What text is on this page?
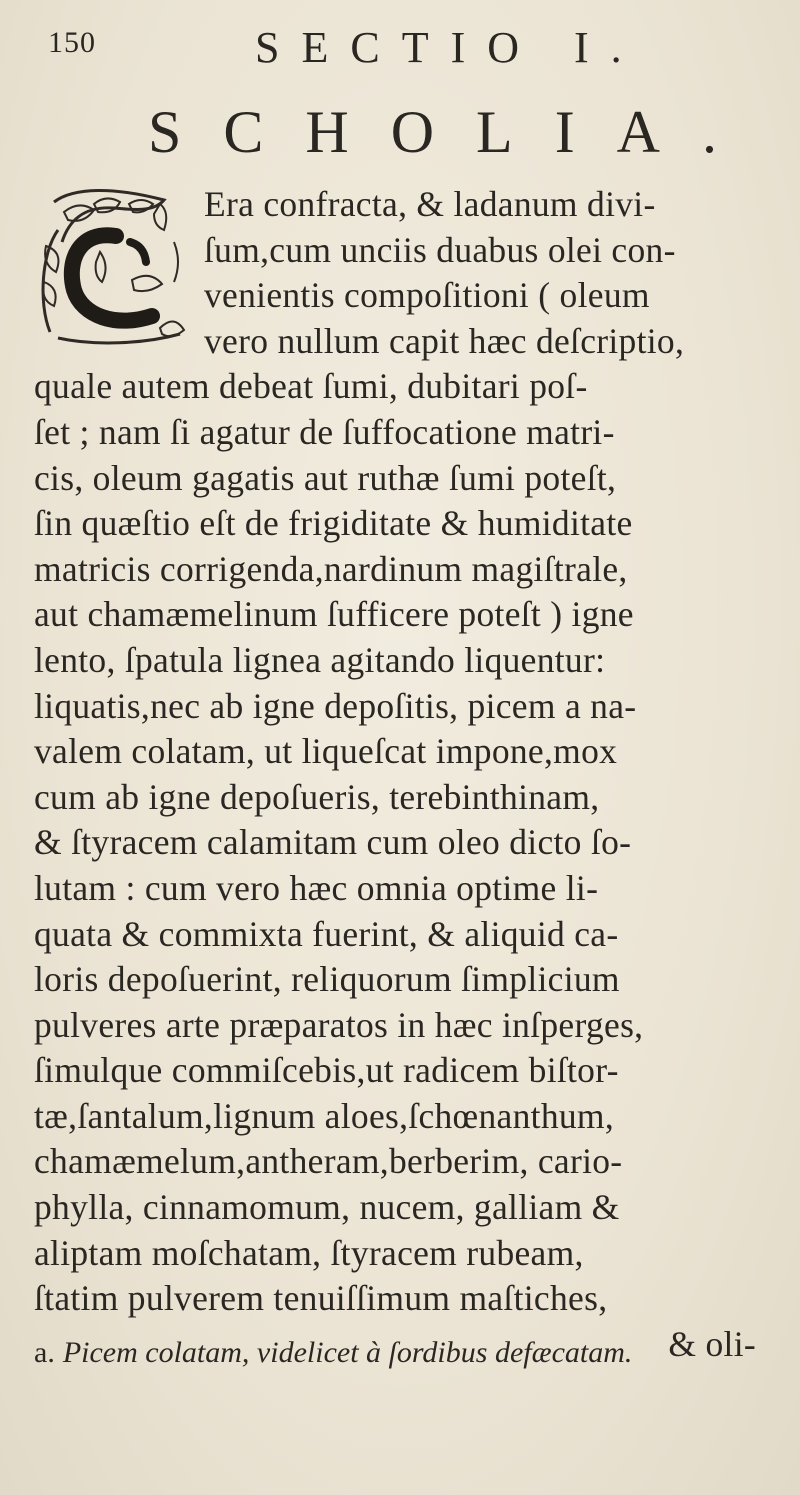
150	SECTIO I.
SCHOLIA.
Era confracta, & ladanum divi-
ſum,cum unciis duabus olei con-
venientis compoſitioni ( oleum
vero nullum capit hæc deſcriptio,
quale autem debeat ſumi, dubitari poſ-
ſet ; nam ſi agatur de ſuffocatione matri-
cis, oleum gagatis aut ruthæ ſumi poteſt,
ſin quæſtio eſt de frigiditate & humiditate
matricis corrigenda,nardinum magiſtrale,
aut chamæmelinum ſufficere poteſt ) igne
lento, ſpatula lignea agitando liquentur:
liquatis,nec ab igne depoſitis, picem a na-
valem colatam, ut liqueſcat impone,mox
cum ab igne depoſueris, terebinthinam,
& ſtyracem calamitam cum oleo dicto ſo-
lutam : cum vero hæc omnia optime li-
quata & commixta fuerint, & aliquid ca-
loris depoſuerint, reliquorum ſimplicium
pulveres arte præparatos in hæc inſperges,
ſimulque commiſcebis,ut radicem biſtor-
tæ,ſantalum,lignum aloes,ſchœnanthum,
chamæmelum,antheram,berberim, cario-
phylla, cinnamomum, nucem, galliam &
aliptam moſchatam, ſtyracem rubeam,
ſtatim pulverem tenuiſſimum maſtiches,
& oli-
a. Picem colatam, videlicet à ſordibus defæcatam.
